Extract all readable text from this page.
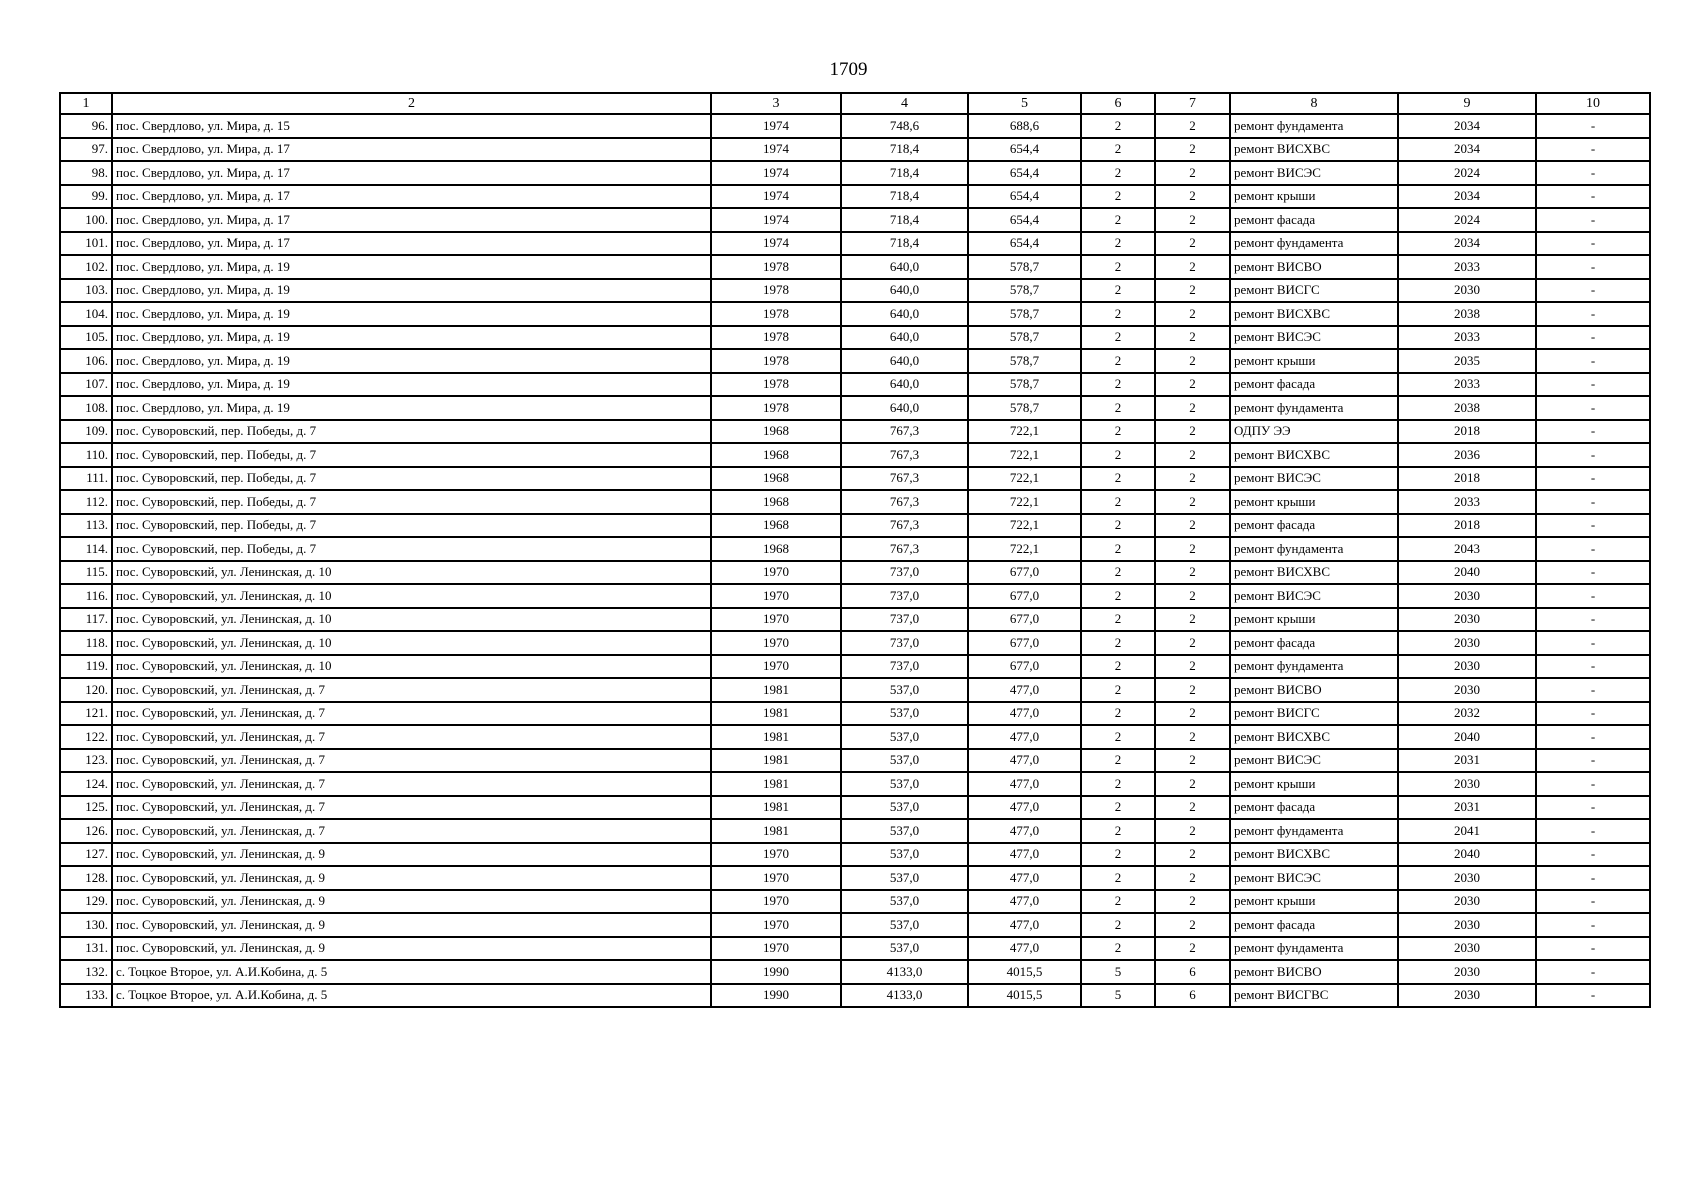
1709
1	2	3	4	5	6	7	8	9	10
96.	пос. Свердлово, ул. Мира, д. 15	1974	748,6	688,6	2	2	ремонт фундамента	2034	-
97.	пос. Свердлово, ул. Мира, д. 17	1974	718,4	654,4	2	2	ремонт ВИСХВС	2034	-
98.	пос. Свердлово, ул. Мира, д. 17	1974	718,4	654,4	2	2	ремонт ВИСЭС	2024	-
99.	пос. Свердлово, ул. Мира, д. 17	1974	718,4	654,4	2	2	ремонт крыши	2034	-
100.	пос. Свердлово, ул. Мира, д. 17	1974	718,4	654,4	2	2	ремонт фасада	2024	-
101.	пос. Свердлово, ул. Мира, д. 17	1974	718,4	654,4	2	2	ремонт фундамента	2034	-
102.	пос. Свердлово, ул. Мира, д. 19	1978	640,0	578,7	2	2	ремонт ВИСВО	2033	-
103.	пос. Свердлово, ул. Мира, д. 19	1978	640,0	578,7	2	2	ремонт ВИСГС	2030	-
104.	пос. Свердлово, ул. Мира, д. 19	1978	640,0	578,7	2	2	ремонт ВИСХВС	2038	-
105.	пос. Свердлово, ул. Мира, д. 19	1978	640,0	578,7	2	2	ремонт ВИСЭС	2033	-
106.	пос. Свердлово, ул. Мира, д. 19	1978	640,0	578,7	2	2	ремонт крыши	2035	-
107.	пос. Свердлово, ул. Мира, д. 19	1978	640,0	578,7	2	2	ремонт фасада	2033	-
108.	пос. Свердлово, ул. Мира, д. 19	1978	640,0	578,7	2	2	ремонт фундамента	2038	-
109.	пос. Суворовский, пер. Победы, д. 7	1968	767,3	722,1	2	2	ОДПУ ЭЭ	2018	-
110.	пос. Суворовский, пер. Победы, д. 7	1968	767,3	722,1	2	2	ремонт ВИСХВС	2036	-
111.	пос. Суворовский, пер. Победы, д. 7	1968	767,3	722,1	2	2	ремонт ВИСЭС	2018	-
112.	пос. Суворовский, пер. Победы, д. 7	1968	767,3	722,1	2	2	ремонт крыши	2033	-
113.	пос. Суворовский, пер. Победы, д. 7	1968	767,3	722,1	2	2	ремонт фасада	2018	-
114.	пос. Суворовский, пер. Победы, д. 7	1968	767,3	722,1	2	2	ремонт фундамента	2043	-
115.	пос. Суворовский, ул. Ленинская, д. 10	1970	737,0	677,0	2	2	ремонт ВИСХВС	2040	-
116.	пос. Суворовский, ул. Ленинская, д. 10	1970	737,0	677,0	2	2	ремонт ВИСЭС	2030	-
117.	пос. Суворовский, ул. Ленинская, д. 10	1970	737,0	677,0	2	2	ремонт крыши	2030	-
118.	пос. Суворовский, ул. Ленинская, д. 10	1970	737,0	677,0	2	2	ремонт фасада	2030	-
119.	пос. Суворовский, ул. Ленинская, д. 10	1970	737,0	677,0	2	2	ремонт фундамента	2030	-
120.	пос. Суворовский, ул. Ленинская, д. 7	1981	537,0	477,0	2	2	ремонт ВИСВО	2030	-
121.	пос. Суворовский, ул. Ленинская, д. 7	1981	537,0	477,0	2	2	ремонт ВИСГС	2032	-
122.	пос. Суворовский, ул. Ленинская, д. 7	1981	537,0	477,0	2	2	ремонт ВИСХВС	2040	-
123.	пос. Суворовский, ул. Ленинская, д. 7	1981	537,0	477,0	2	2	ремонт ВИСЭС	2031	-
124.	пос. Суворовский, ул. Ленинская, д. 7	1981	537,0	477,0	2	2	ремонт крыши	2030	-
125.	пос. Суворовский, ул. Ленинская, д. 7	1981	537,0	477,0	2	2	ремонт фасада	2031	-
126.	пос. Суворовский, ул. Ленинская, д. 7	1981	537,0	477,0	2	2	ремонт фундамента	2041	-
127.	пос. Суворовский, ул. Ленинская, д. 9	1970	537,0	477,0	2	2	ремонт ВИСХВС	2040	-
128.	пос. Суворовский, ул. Ленинская, д. 9	1970	537,0	477,0	2	2	ремонт ВИСЭС	2030	-
129.	пос. Суворовский, ул. Ленинская, д. 9	1970	537,0	477,0	2	2	ремонт крыши	2030	-
130.	пос. Суворовский, ул. Ленинская, д. 9	1970	537,0	477,0	2	2	ремонт фасада	2030	-
131.	пос. Суворовский, ул. Ленинская, д. 9	1970	537,0	477,0	2	2	ремонт фундамента	2030	-
132.	с. Тоцкое Второе, ул. А.И.Кобина, д. 5	1990	4133,0	4015,5	5	6	ремонт ВИСВО	2030	-
133.	с. Тоцкое Второе, ул. А.И.Кобина, д. 5	1990	4133,0	4015,5	5	6	ремонт ВИСГВС	2030	-
